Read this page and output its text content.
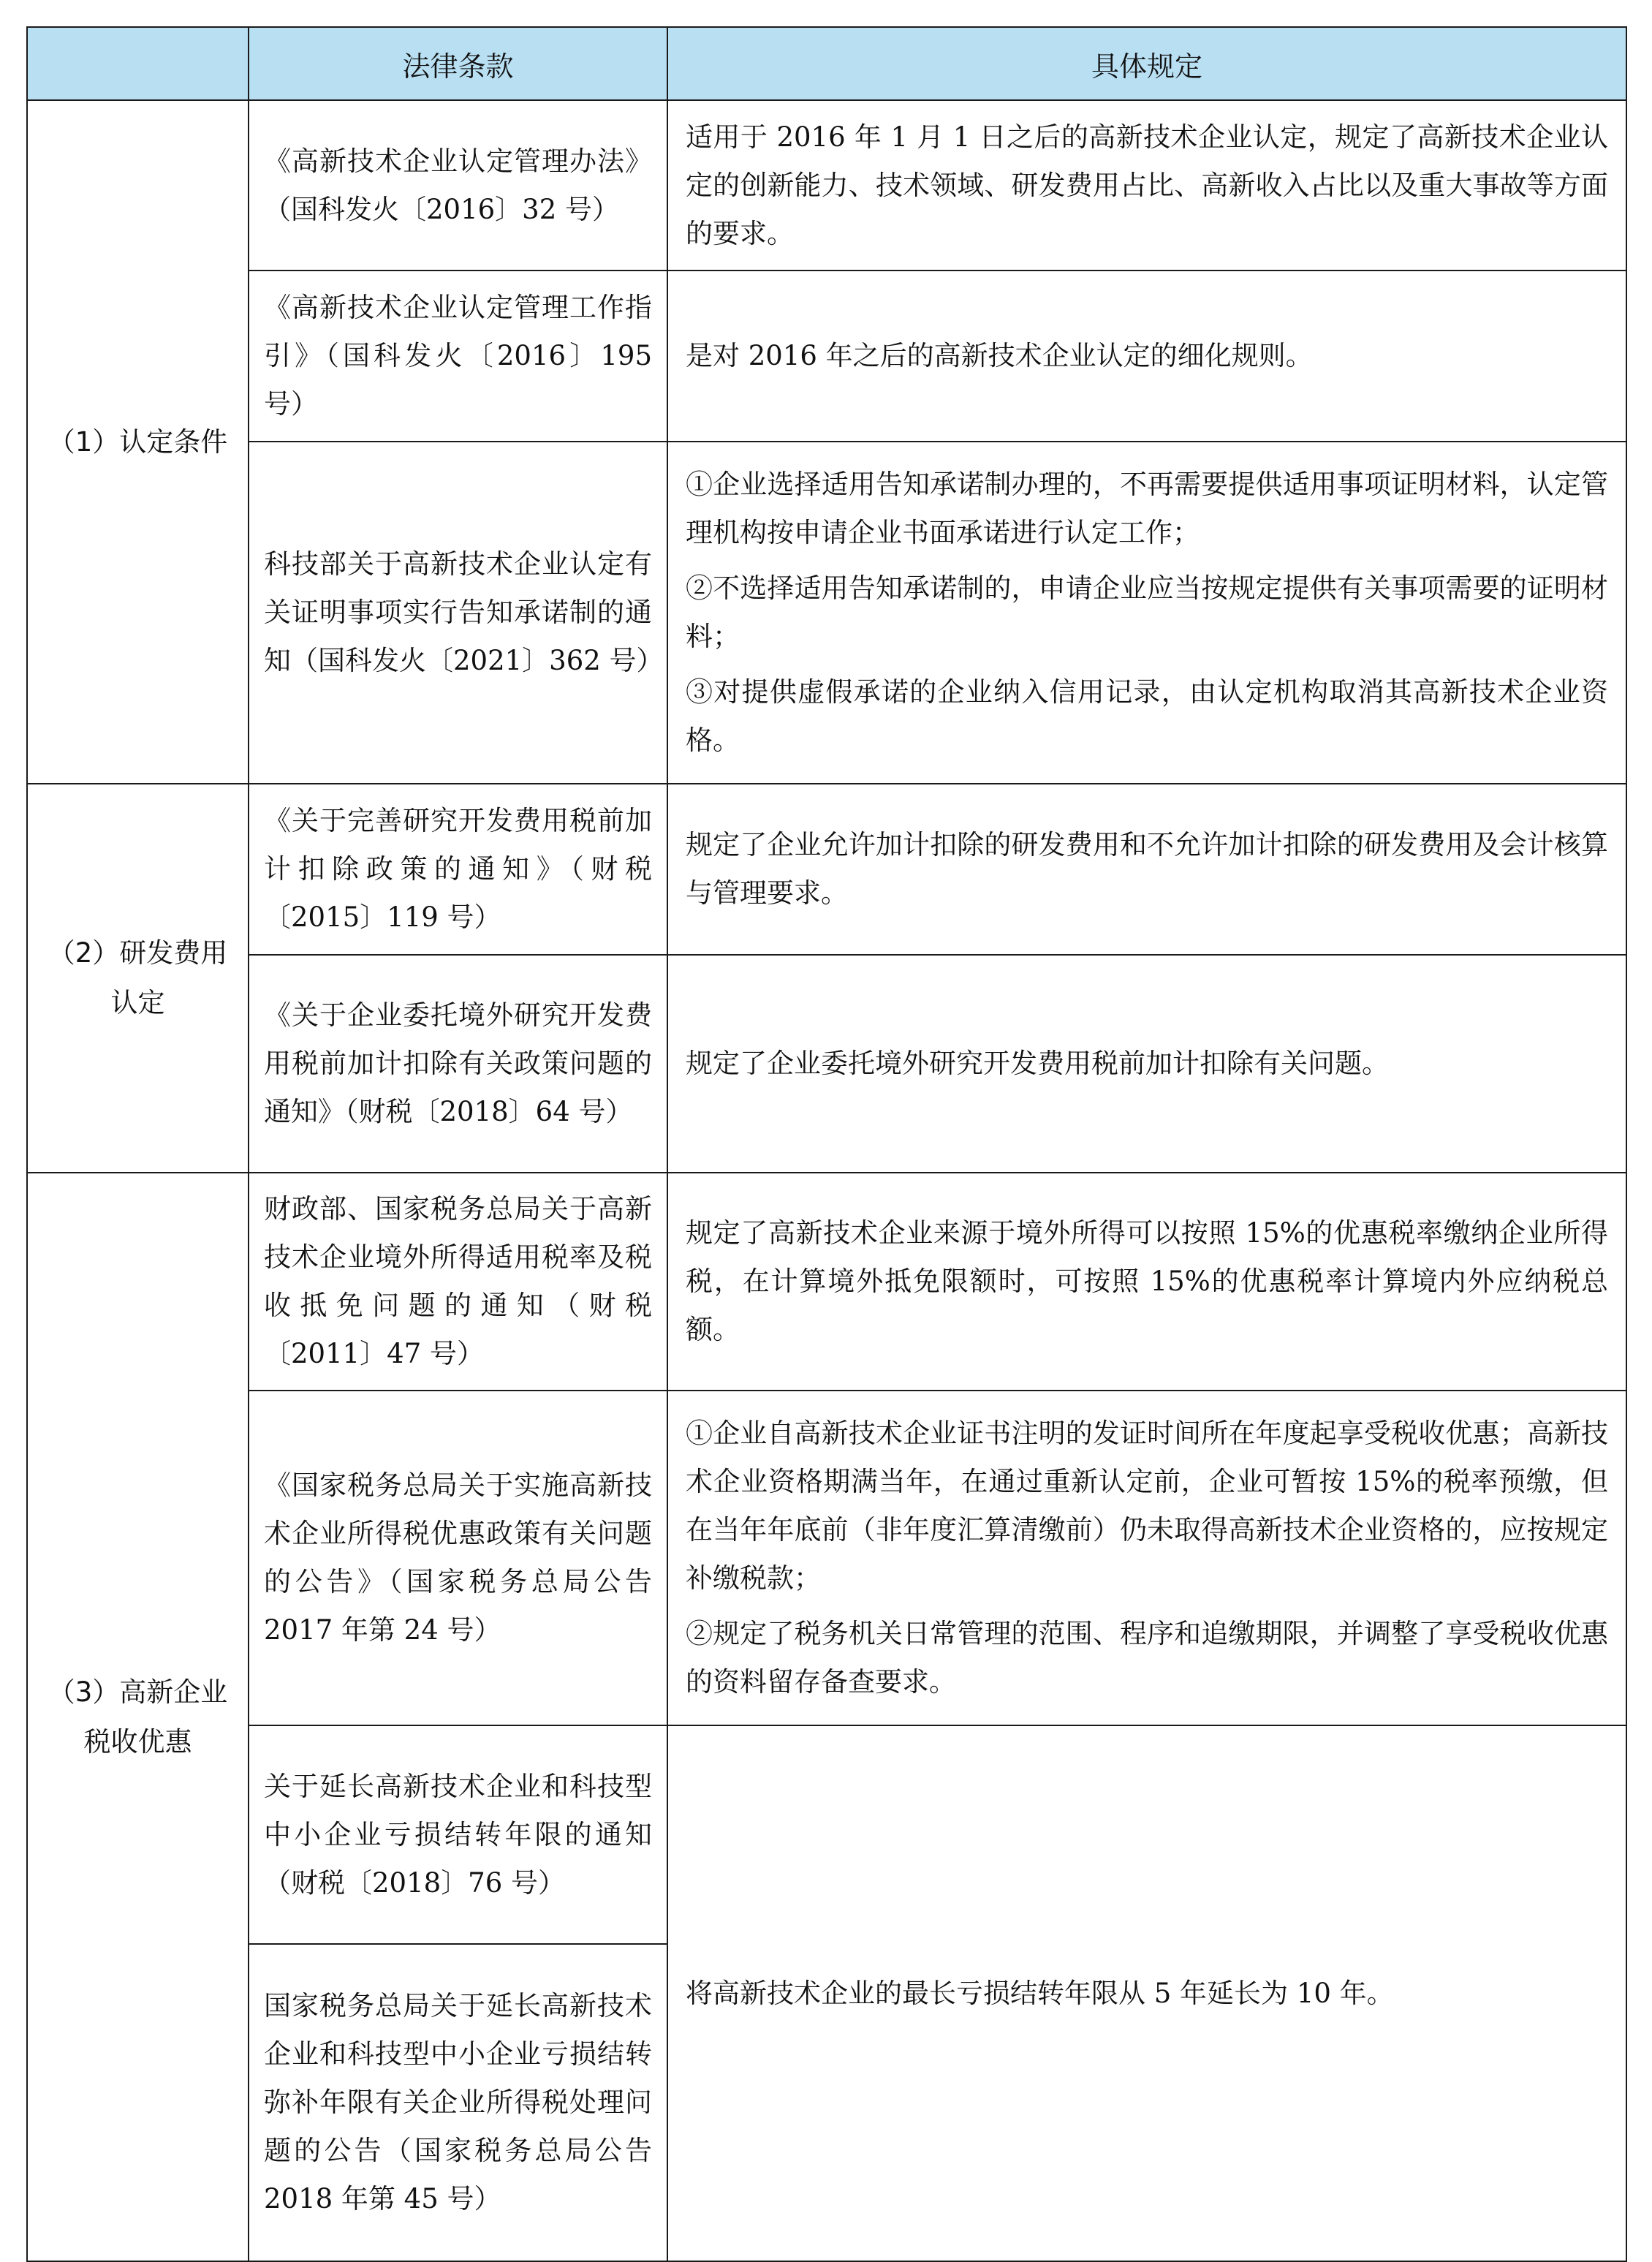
	法律条款	具体规定
（1）认定条件	《高新技术企业认定管理办法》（国科发火〔2016〕32 号）	适用于 2016 年 1 月 1 日之后的高新技术企业认定，规定了高新技术企业认定的创新能力、技术领域、研发费用占比、高新收入占比以及重大事故等方面的要求。

	《高新技术企业认定管理工作指引》（国科发火〔2016〕195 号）	是对 2016 年之后的高新技术企业认定的细化规则。

	科技部关于高新技术企业认定有关证明事项实行告知承诺制的通知（国科发火〔2021〕362 号）	①企业选择适用告知承诺制办理的，不再需要提供适用事项证明材料，认定管理机构按申请企业书面承诺进行认定工作；

②不选择适用告知承诺制的，申请企业应当按规定提供有关事项需要的证明材料；

③对提供虚假承诺的企业纳入信用记录，由认定机构取消其高新技术企业资格。

（2）研发费用认定	《关于完善研究开发费用税前加计扣除政策的通知》（财税〔2015〕119 号）	规定了企业允许加计扣除的研发费用和不允许加计扣除的研发费用及会计核算与管理要求。

	《关于企业委托境外研究开发费用税前加计扣除有关政策问题的通知》（财税〔2018〕64 号）	规定了企业委托境外研究开发费用税前加计扣除有关问题。

（3）高新企业税收优惠	财政部、国家税务总局关于高新技术企业境外所得适用税率及税收抵免问题的通知（财税〔2011〕47 号）	规定了高新技术企业来源于境外所得可以按照 15%的优惠税率缴纳企业所得税，在计算境外抵免限额时，可按照 15%的优惠税率计算境内外应纳税总额。

	《国家税务总局关于实施高新技术企业所得税优惠政策有关问题的公告》（国家税务总局公告 2017 年第 24 号）	①企业自高新技术企业证书注明的发证时间所在年度起享受税收优惠；高新技术企业资格期满当年，在通过重新认定前，企业可暂按 15%的税率预缴，但在当年年底前（非年度汇算清缴前）仍未取得高新技术企业资格的，应按规定补缴税款；

②规定了税务机关日常管理的范围、程序和追缴期限，并调整了享受税收优惠的资料留存备查要求。

	关于延长高新技术企业和科技型中小企业亏损结转年限的通知（财税〔2018〕76 号）	将高新技术企业的最长亏损结转年限从 5 年延长为 10 年。

	国家税务总局关于延长高新技术企业和科技型中小企业亏损结转弥补年限有关企业所得税处理问题的公告（国家税务总局公告 2018 年第 45 号）	
